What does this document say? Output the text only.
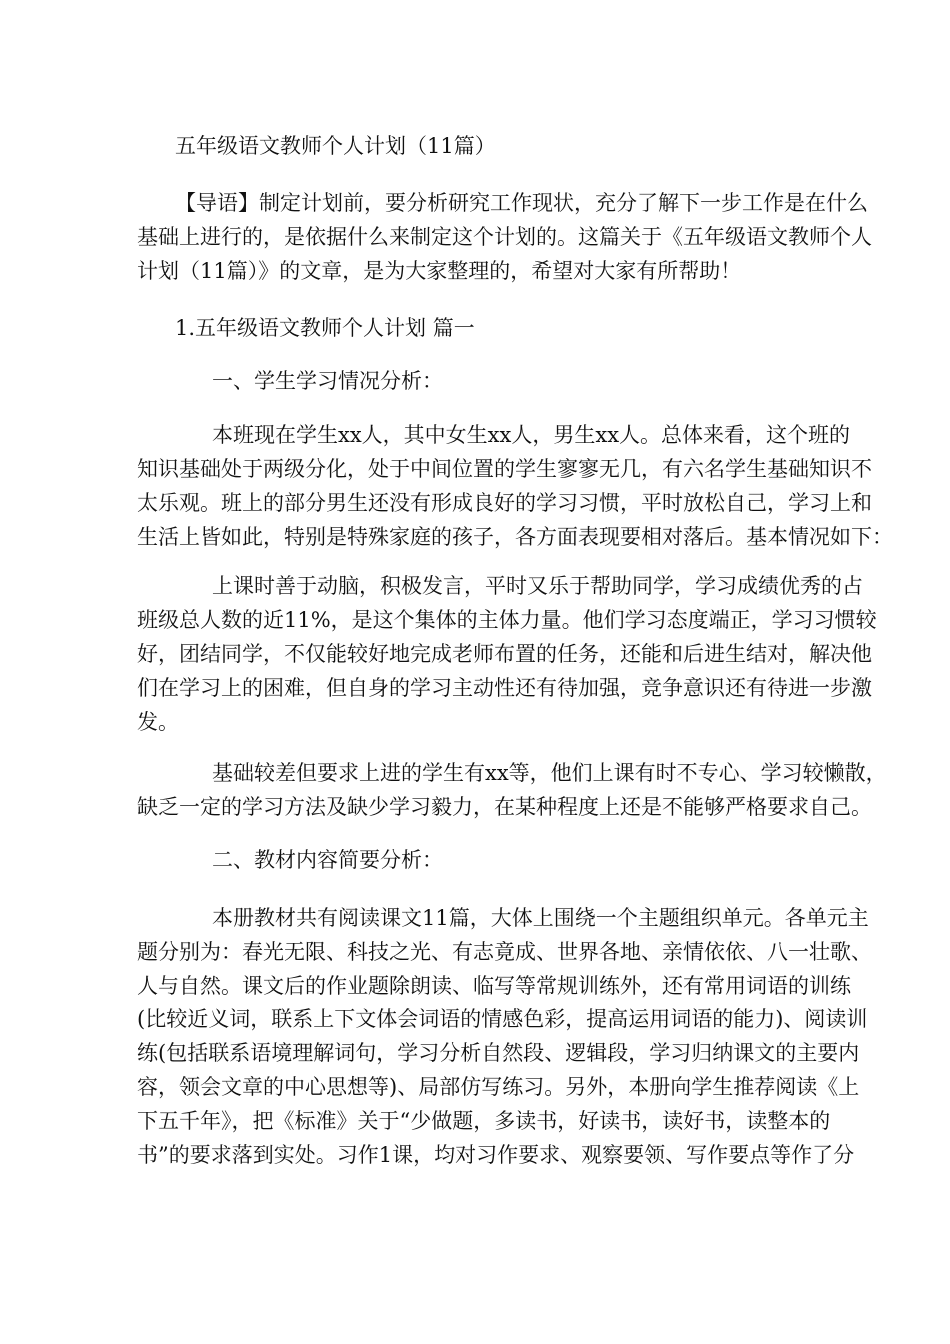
五年级语文教师个人计划（11篇）
【导语】制定计划前，要分析研究工作现状，充分了解下一步工作是在什么
基础上进行的，是依据什么来制定这个计划的。这篇关于《五年级语文教师个人
计划（11篇）》的文章，是为大家整理的，希望对大家有所帮助！
1.五年级语文教师个人计划 篇一
一、学生学习情况分析：
本班现在学生xx人，其中女生xx人，男生xx人。总体来看，这个班的
知识基础处于两级分化，处于中间位置的学生寥寥无几，有六名学生基础知识不
太乐观。班上的部分男生还没有形成良好的学习习惯，平时放松自己，学习上和
生活上皆如此，特别是特殊家庭的孩子，各方面表现要相对落后。基本情况如下：
上课时善于动脑，积极发言，平时又乐于帮助同学，学习成绩优秀的占
班级总人数的近11%，是这个集体的主体力量。他们学习态度端正，学习习惯较
好，团结同学，不仅能较好地完成老师布置的任务，还能和后进生结对，解决他
们在学习上的困难，但自身的学习主动性还有待加强，竞争意识还有待进一步激
发。
基础较差但要求上进的学生有xx等，他们上课有时不专心、学习较懒散，
缺乏一定的学习方法及缺少学习毅力，在某种程度上还是不能够严格要求自己。
二、教材内容简要分析：
本册教材共有阅读课文11篇，大体上围绕一个主题组织单元。各单元主
题分别为：春光无限、科技之光、有志竟成、世界各地、亲情依依、八一壮歌、
人与自然。课文后的作业题除朗读、临写等常规训练外，还有常用词语的训练
(比较近义词，联系上下文体会词语的情感色彩，提高运用词语的能力)、阅读训
练(包括联系语境理解词句，学习分析自然段、逻辑段，学习归纳课文的主要内
容，领会文章的中心思想等)、局部仿写练习。另外，本册向学生推荐阅读《上
下五千年》，把《标准》关于“少做题，多读书，好读书，读好书，读整本的
书”的要求落到实处。习作1课，均对习作要求、观察要领、写作要点等作了分
